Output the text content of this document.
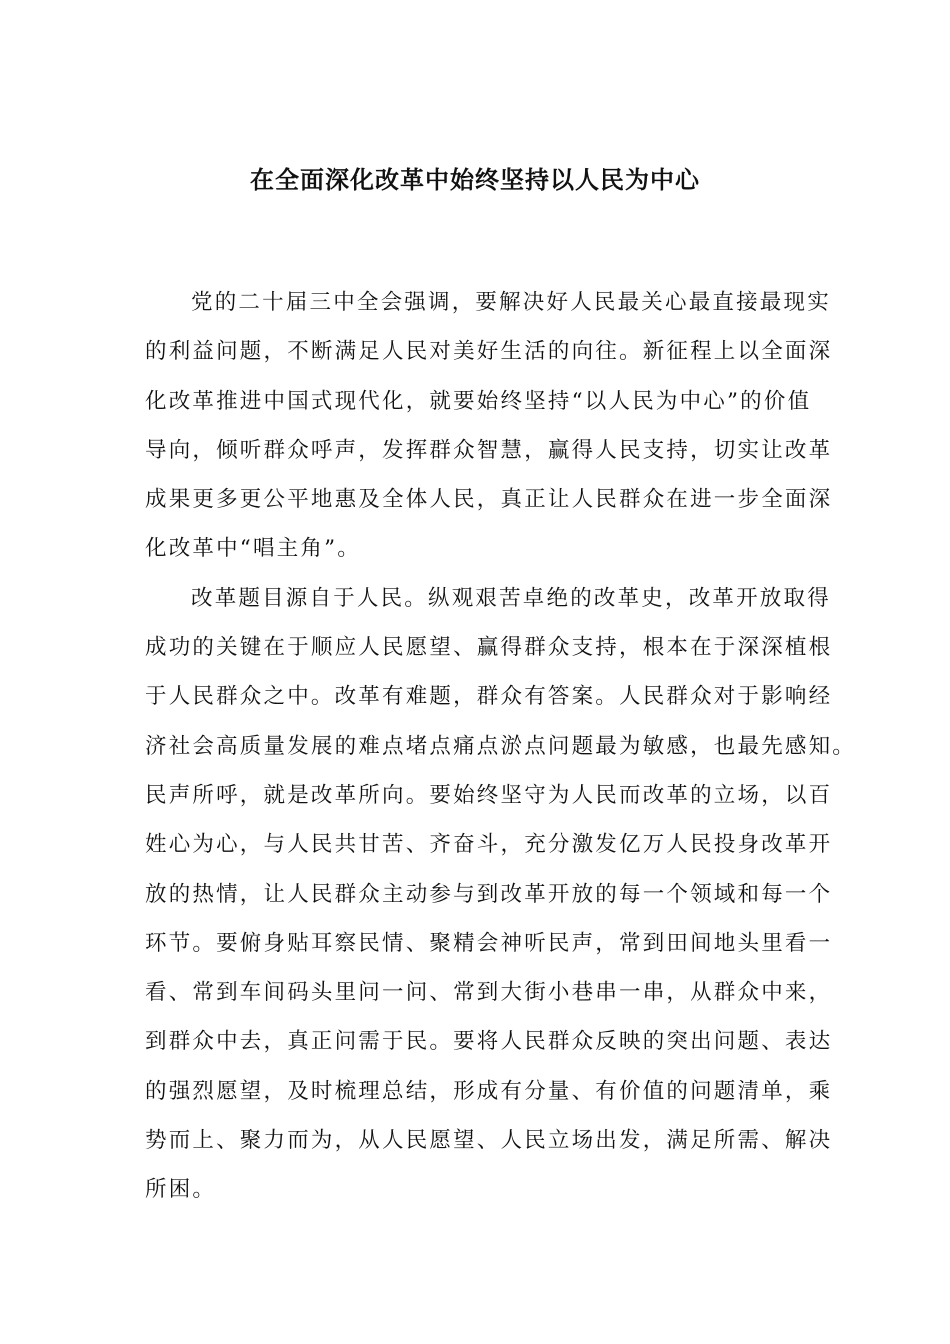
在全面深化改革中始终坚持以人民为中心
党的二十届三中全会强调，要解决好人民最关心最直接最现实
的利益问题，不断满足人民对美好生活的向往。新征程上以全面深
化改革推进中国式现代化，就要始终坚持“以人民为中心”的价值
导向，倾听群众呼声，发挥群众智慧，赢得人民支持，切实让改革
成果更多更公平地惠及全体人民，真正让人民群众在进一步全面深
化改革中“唱主角”。
改革题目源自于人民。纵观艰苦卓绝的改革史，改革开放取得
成功的关键在于顺应人民愿望、赢得群众支持，根本在于深深植根
于人民群众之中。改革有难题，群众有答案。人民群众对于影响经
济社会高质量发展的难点堵点痛点淤点问题最为敏感，也最先感知。
民声所呼，就是改革所向。要始终坚守为人民而改革的立场，以百
姓心为心，与人民共甘苦、齐奋斗，充分激发亿万人民投身改革开
放的热情，让人民群众主动参与到改革开放的每一个领域和每一个
环节。要俯身贴耳察民情、聚精会神听民声，常到田间地头里看一
看、常到车间码头里问一问、常到大街小巷串一串，从群众中来，
到群众中去，真正问需于民。要将人民群众反映的突出问题、表达
的强烈愿望，及时梳理总结，形成有分量、有价值的问题清单，乘
势而上、聚力而为，从人民愿望、人民立场出发，满足所需、解决
所困。
